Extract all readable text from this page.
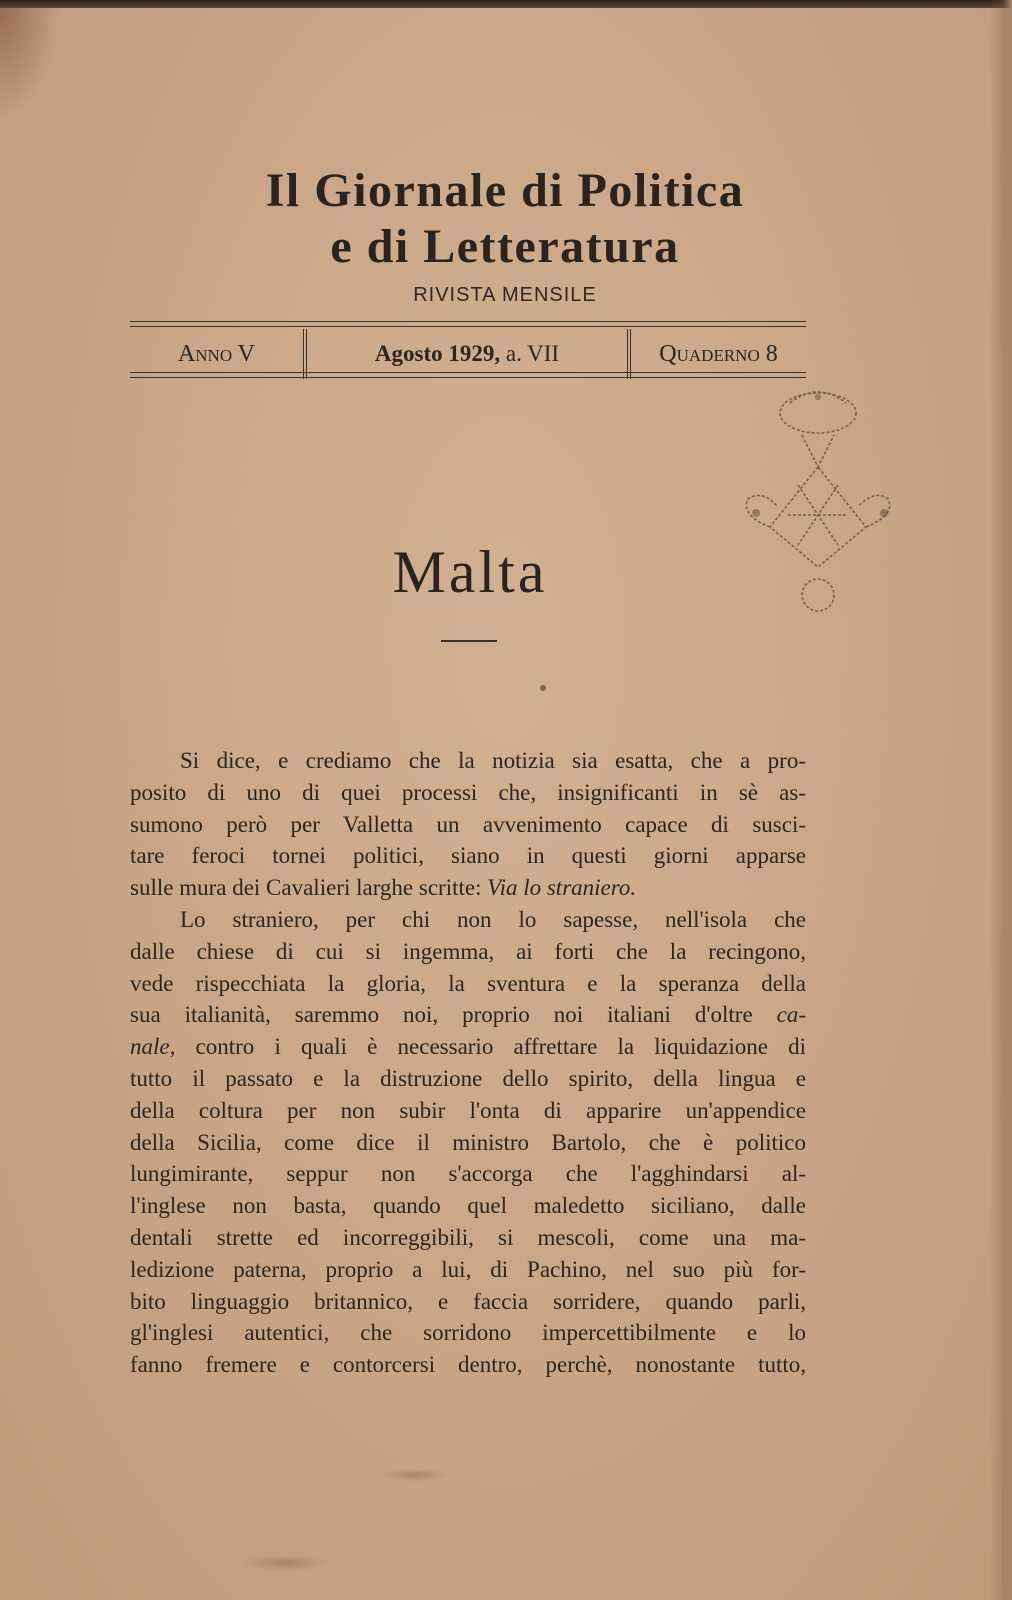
Il Giornale di Politica
e di Letteratura
RIVISTA MENSILE
Anno V	Agosto 1929,
a. VII	Quaderno 8
Malta
Si dice, e crediamo che la notizia sia esatta, che a pro-
posito di uno di quei processi che, insignificanti in sè as-
sumono però per Valletta un avvenimento capace di susci-
tare feroci tornei politici, siano in questi giorni apparse
sulle mura dei Cavalieri larghe scritte: Via lo straniero.
Lo straniero, per chi non lo sapesse, nell'isola che
dalle chiese di cui si ingemma, ai forti che la recingono,
vede rispecchiata la gloria, la sventura e la speranza della
sua italianità, saremmo noi, proprio noi italiani d'oltre ca-
nale, contro i quali è necessario affrettare la liquidazione di
tutto il passato e la distruzione dello spirito, della lingua e
della coltura per non subir l'onta di apparire un'appendice
della Sicilia, come dice il ministro Bartolo, che è politico
lungimirante, seppur non s'accorga che l'agghindarsi al-
l'inglese non basta, quando quel maledetto siciliano, dalle
dentali strette ed incorreggibili, si mescoli, come una ma-
ledizione paterna, proprio a lui, di Pachino, nel suo più for-
bito linguaggio britannico, e faccia sorridere, quando parli,
gl'inglesi autentici, che sorridono impercettibilmente e lo
fanno fremere e contorcersi dentro, perchè, nonostante tutto,
